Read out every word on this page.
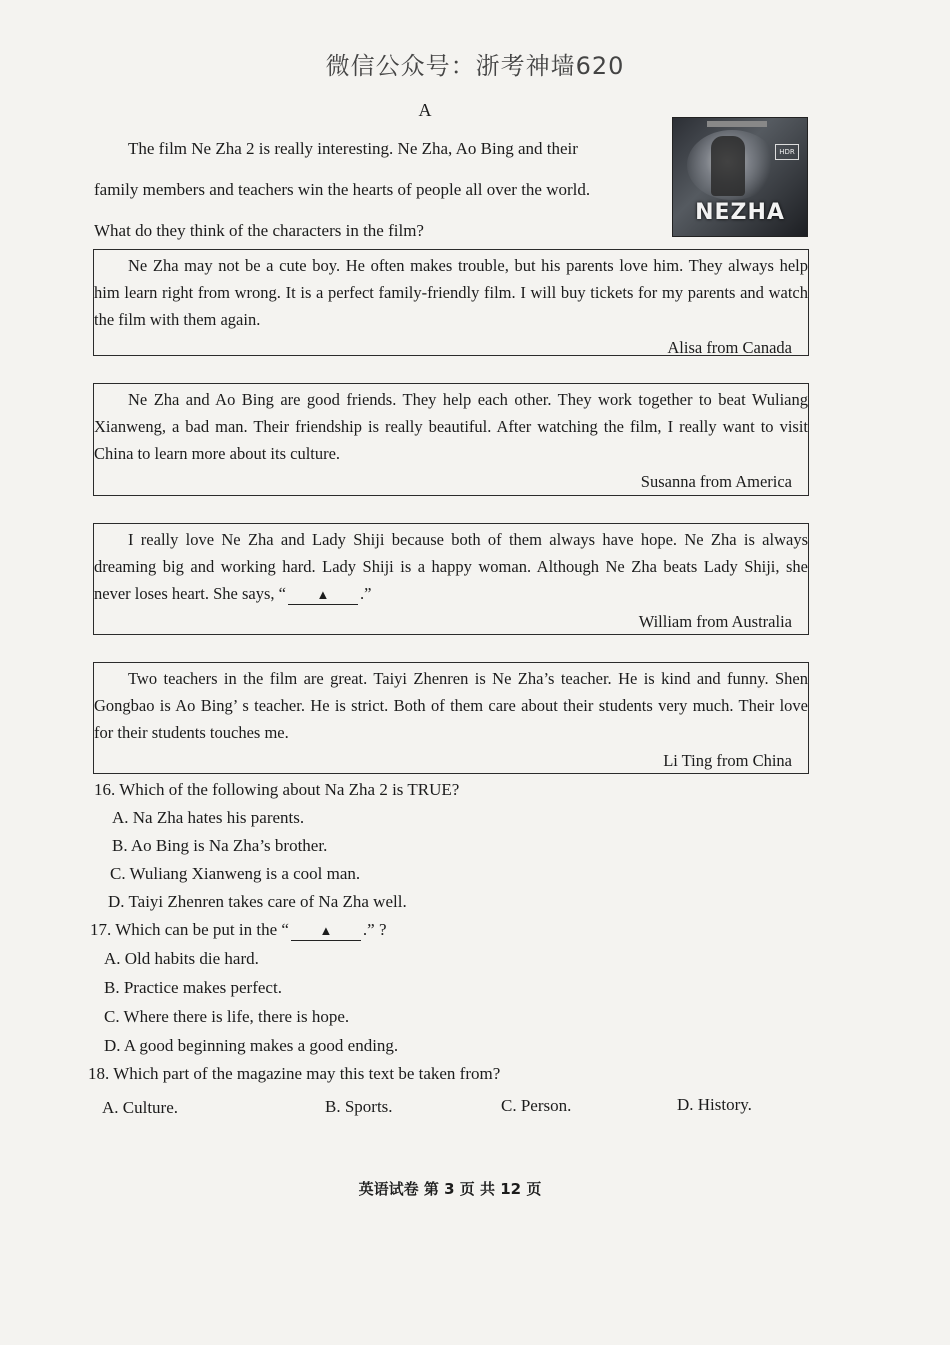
微信公众号：浙考神墙620
A
The film Ne Zha 2 is really interesting. Ne Zha, Ao Bing and their
family members and teachers win the hearts of people all over the world.
What do they think of the characters in the film?
HDR
NEZHA

Ne Zha may not be a cute boy. He often makes trouble, but his parents love him. They always help him learn right from wrong. It is a perfect family-friendly film. I will buy tickets for my parents and watch the film with them again.

Alisa from Canada

Ne Zha and Ao Bing are good friends. They help each other. They work together to beat Wuliang Xianweng, a bad man. Their friendship is really beautiful. After watching the film, I really want to visit China to learn more about its culture.

Susanna from America

I really love Ne Zha and Lady Shiji because both of them always have hope. Ne Zha is always dreaming big and working hard. Lady Shiji is a happy woman. Although Ne Zha beats Lady Shiji, she never loses heart. She says, “ ▲ .”

William from Australia

Two teachers in the film are great. Taiyi Zhenren is Ne Zha’s teacher. He is kind and funny. Shen Gongbao is Ao Bing’ s teacher. He is strict. Both of them care about their students very much. Their love for their students touches me.

Li Ting from China

16. Which of the following about Na Zha 2 is TRUE?
A. Na Zha hates his parents.
B. Ao Bing is Na Zha’s brother.
C. Wuliang Xianweng is a cool man.
D. Taiyi Zhenren takes care of Na Zha well.
17. Which can be put in the “ ▲ .” ?
A. Old habits die hard.
B. Practice makes perfect.
C. Where there is life, there is hope.
D. A good beginning makes a good ending.
18. Which part of the magazine may this text be taken from?
A. Culture.	B. Sports.	C. Person.	D. History.
英语试卷 第 3 页 共 12 页
